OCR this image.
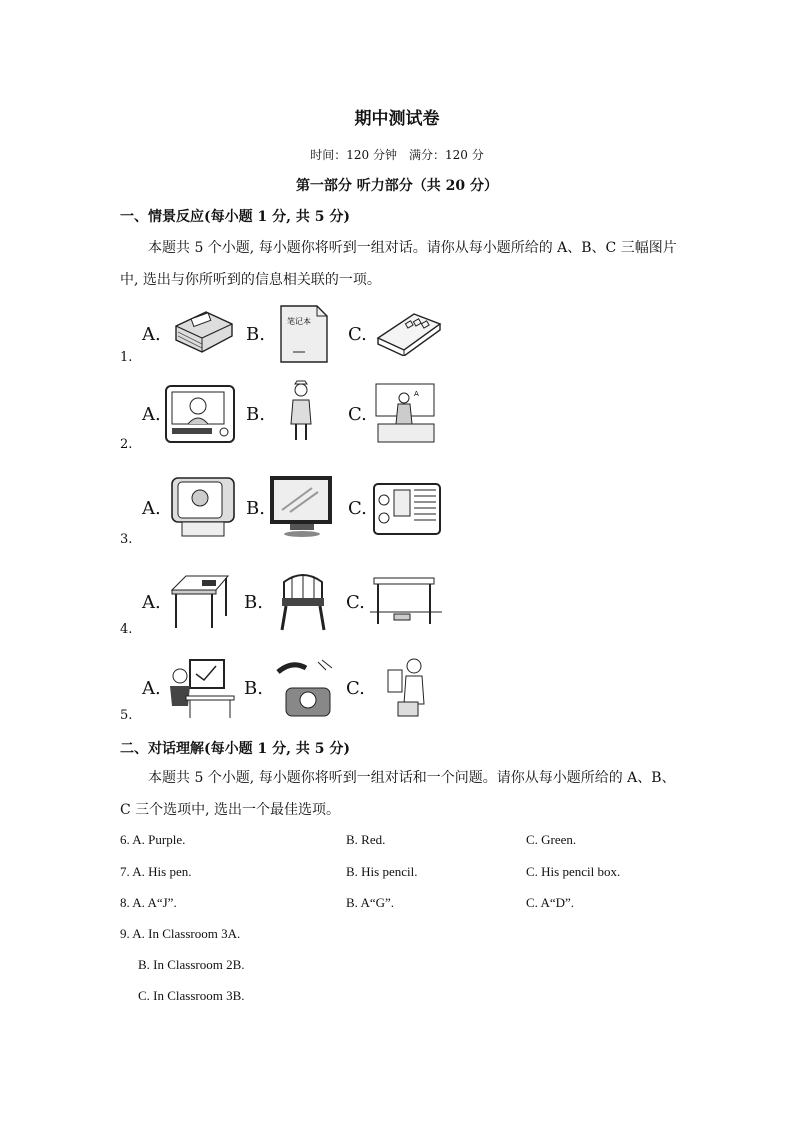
期中测试卷
时间：120 分钟　满分：120 分
第一部分 听力部分（共 20 分）
一、情景反应(每小题 1 分, 共 5 分)
本题共 5 个小题, 每小题你将听到一组对话。请你从每小题所给的 A、B、C 三幅图片中, 选出与你所听到的信息相关联的一项。
A.	B.
笔记本
C.
1.
A.	B.	C.
A
2.
A.	B.	C.
3.
A.	B.	C.
4.
A.	B.	C.
5.
二、对话理解(每小题 1 分, 共 5 分)
本题共 5 个小题, 每小题你将听到一组对话和一个问题。请你从每小题所给的 A、B、C 三个选项中, 选出一个最佳选项。
6. A. Purple.	B. Red.	C. Green.
7. A. His pen.	B. His pencil.	C. His pencil box.
8. A. A“J”.	B. A“G”.	C. A“D”.
9. A. In Classroom 3A.
B. In Classroom 2B.
C. In Classroom 3B.
